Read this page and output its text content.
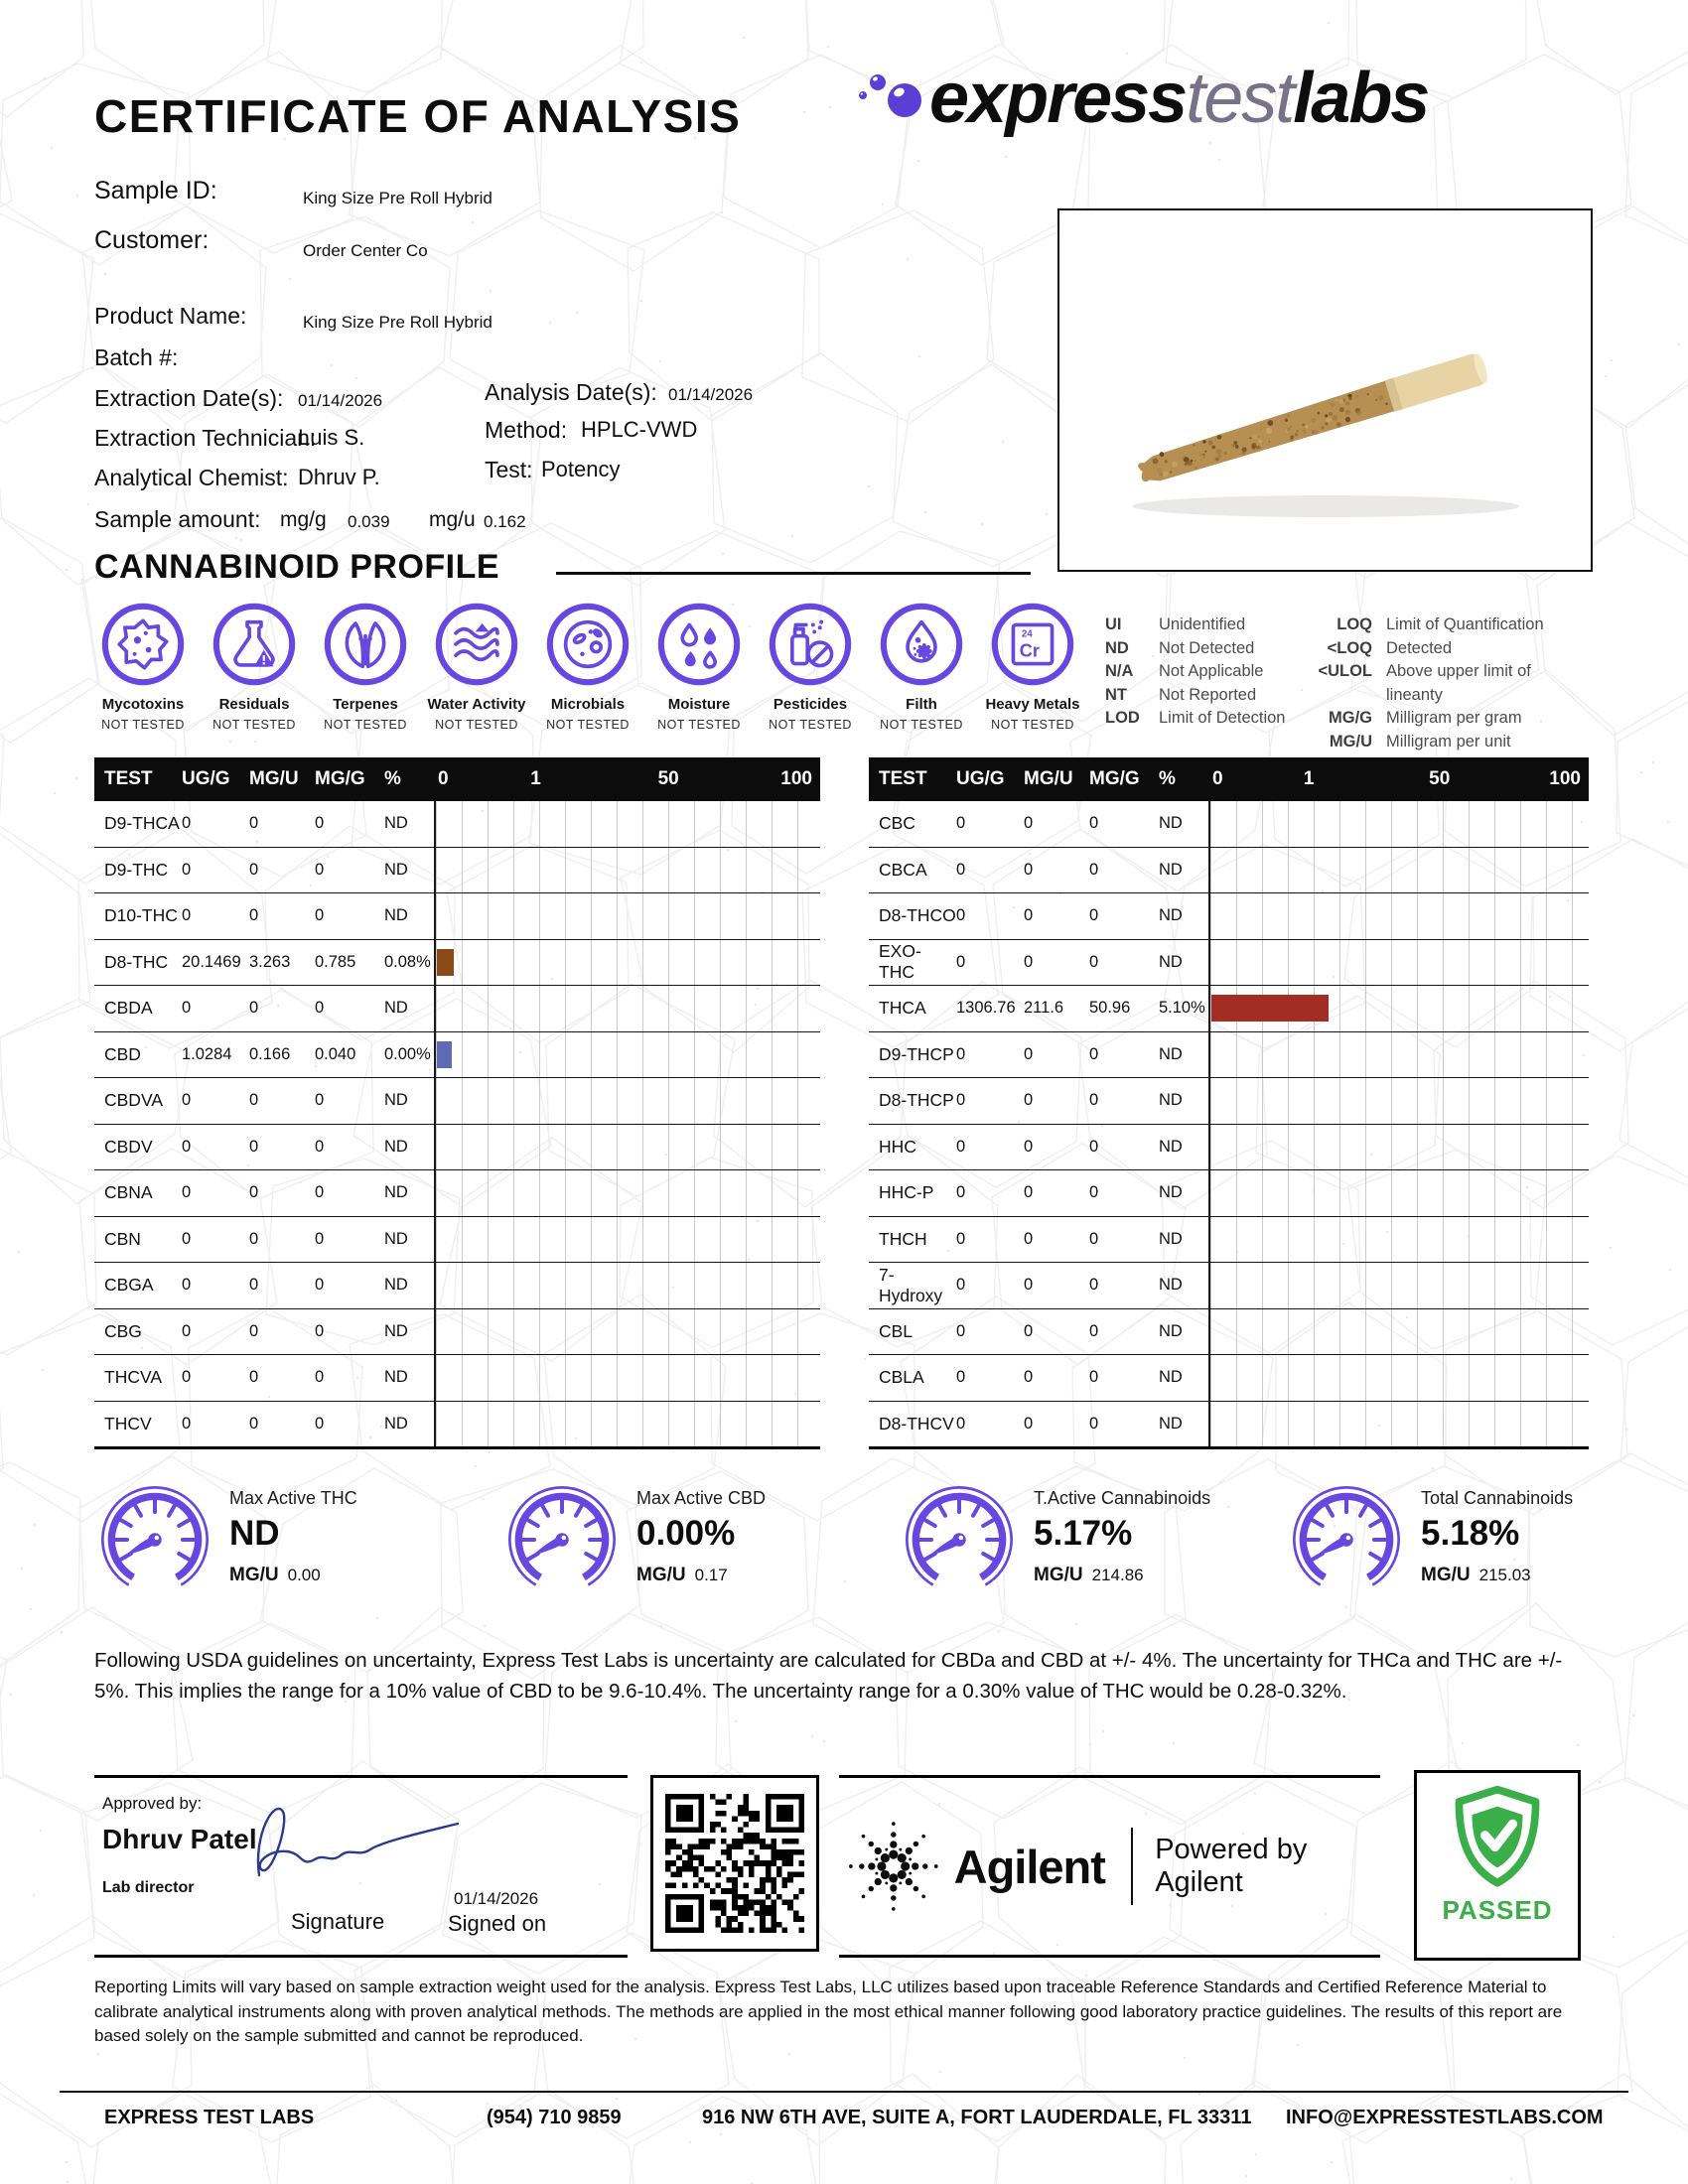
CERTIFICATE OF ANALYSIS	express test labs
Sample ID:	King Size Pre Roll Hybrid
Customer:	Order Center Co
Product Name:	King Size Pre Roll Hybrid
Batch #:
Extraction Date(s): 01/14/2026	Analysis Date(s): 01/14/2026
Extraction Technician:
Luis S.	Method: HPLC-VWD
Analytical Chemist: Dhruv P.	Test: Potency
Sample amount: mg/g 0.039 mg/u 0.162
CANNABINOID PROFILE
Mycotoxins
NOT TESTED
Residuals
NOT TESTED
Terpenes
NOT TESTED
Water Activity
NOT TESTED
Microbials
NOT TESTED
Moisture
NOT TESTED
Pesticides
NOT TESTED
Filth
NOT TESTED
24
Cr
Heavy Metals
NOT TESTED
UI	Unidentified
ND	Not Detected
N/A	Not Applicable
NT	Not Reported
LOD	Limit of Detection
LOQ Limit of Quantification
<LOQ Detected
<ULOL Above upper limit of lineanty
MG/G Milligram per gram
MG/U Milligram per unit
TEST	UG/G	MG/U MG/G	%	0	1	50	100
D9-THCA 0	0	0	ND
D9-THC 0	0	0	ND
D10-THC 0	0	0	ND
D8-THC 20.1469 3.263	0.785	0.08%
CBDA	0	0	0	ND
CBD	1.0284	0.166	0.040	0.00%
CBDVA	0	0	0	ND
CBDV	0	0	0	ND
CBNA	0	0	0	ND
CBN	0	0	0	ND
CBGA	0	0	0	ND
CBG	0	0	0	ND
THCVA	0	0	0	ND
THCV	0	0	0	ND
TEST	UG/G	MG/U MG/G	%	0	1	50	100
CBC	0	0	0	ND
CBCA	0	0	0	ND
D8-THCO 0	0	0	ND
EXO-THC
0	0	0	ND
THCA	1306.76 211.6	50.96	5.10%
D9-THCP 0	0	0	ND
D8-THCP 0	0	0	ND
HHC	0	0	0	ND
HHC-P	0	0	0	ND
THCH	0	0	0	ND
7-Hydroxy
0	0	0	ND
CBL	0	0	0	ND
CBLA	0	0	0	ND
D8-THCV 0	0	0	ND
Following USDA guidelines on uncertainty, Express Test Labs is uncertainty are calculated for CBDa and CBD at +/- 4%. The uncertainty for THCa and THC are +/- 5%. This implies the range for a 10% value of CBD to be 9.6-10.4%. The uncertainty range for a 0.30% value of THC would be 0.28-0.32%.
Approved by:
Dhruv Patel
Lab director
Signature
01/14/2026
Signed on
Agilent Powered by Agilent
PASSED
Reporting Limits will vary based on sample extraction weight used for the analysis. Express Test Labs, LLC utilizes based upon traceable Reference Standards and Certified Reference Material to calibrate analytical instruments along with proven analytical methods. The methods are applied in the most ethical manner following good laboratory practice guidelines. The results of this report are based solely on the sample submitted and cannot be reproduced.
EXPRESS TEST LABS	(954) 710 9859	916 NW 6TH AVE, SUITE A, FORT LAUDERDALE, FL 33311 INFO@EXPRESSTESTLABS.COM
Max Active THC
ND
MG/U 0.00
Max Active CBD
0.00%
MG/U 0.17
T.Active Cannabinoids
5.17%
MG/U 214.86
Total Cannabinoids
5.18%
MG/U 215.03
